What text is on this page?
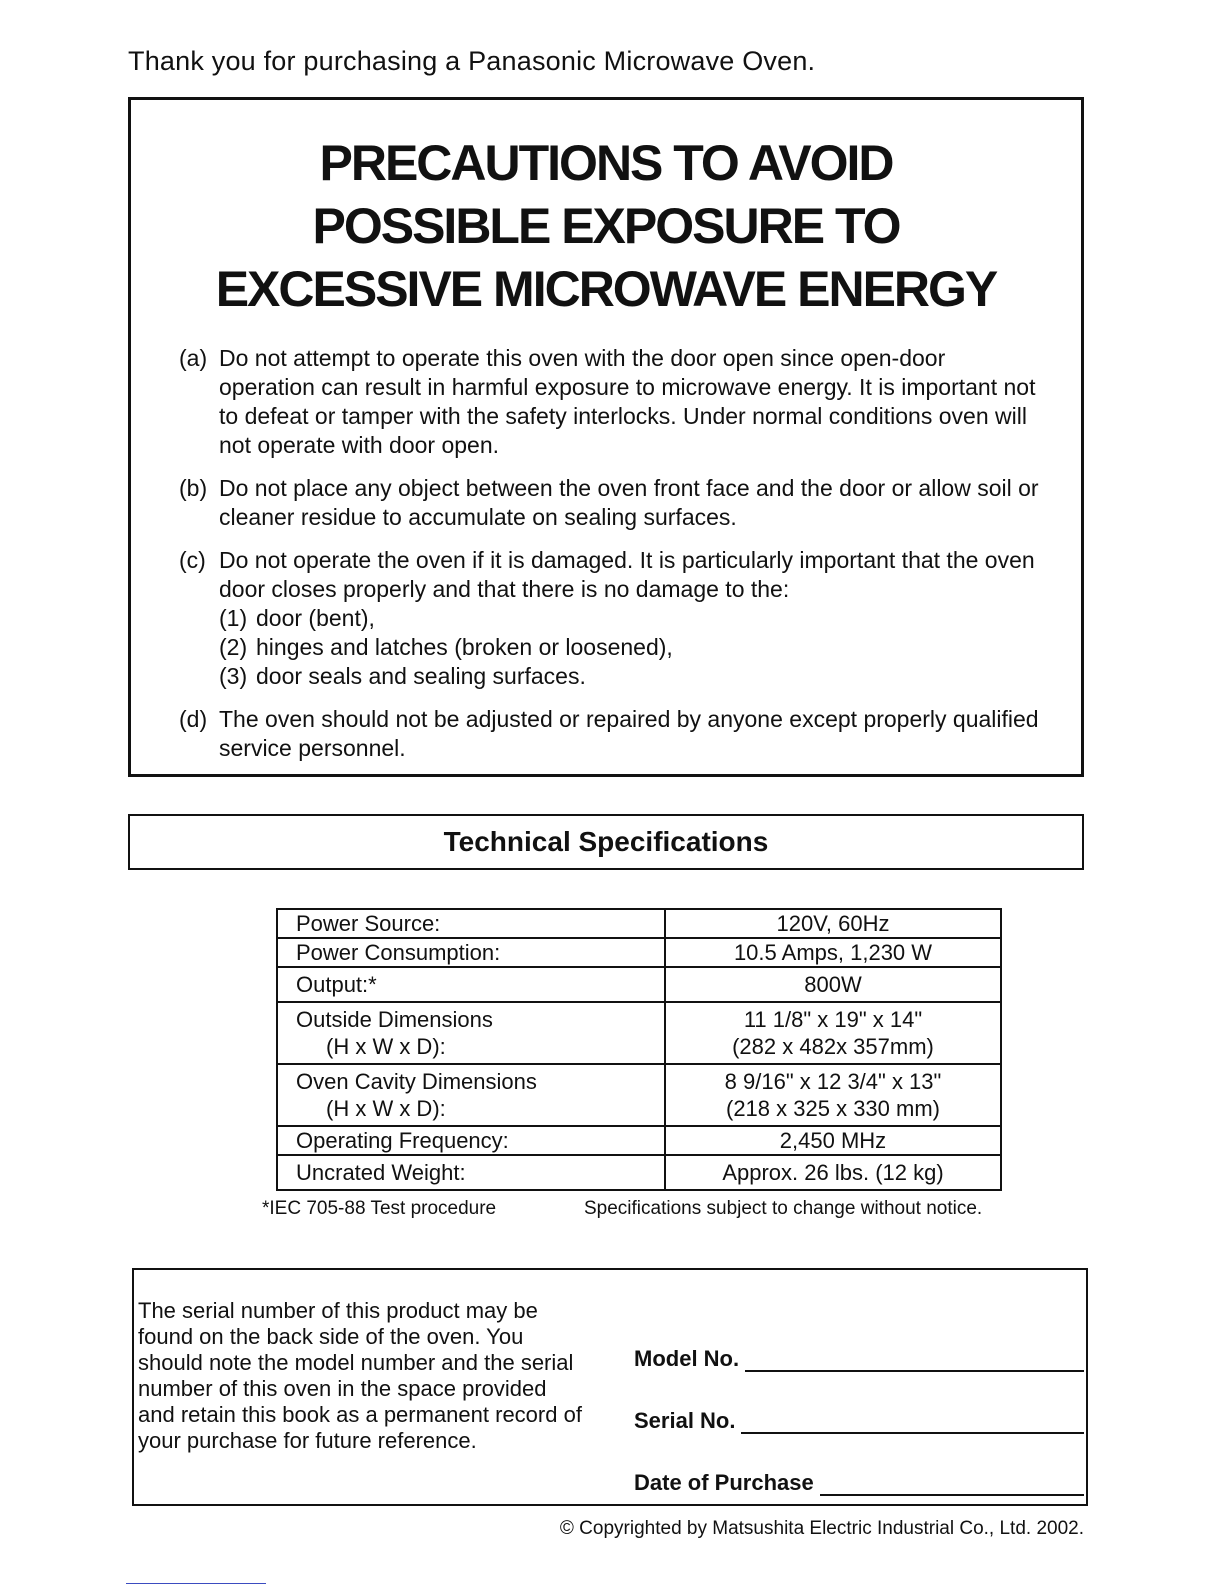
Thank you for purchasing a Panasonic Microwave Oven.
PRECAUTIONS TO AVOID
POSSIBLE EXPOSURE TO
EXCESSIVE MICROWAVE ENERGY
(a) Do not attempt to operate this oven with the door open since open-door operation can result in harmful exposure to microwave energy. It is important not to defeat or tamper with the safety interlocks. Under normal conditions oven will not operate with door open.
(b) Do not place any object between the oven front face and the door or allow soil or cleaner residue to accumulate on sealing surfaces.
(c) Do not operate the oven if it is damaged. It is particularly important that the oven door closes properly and that there is no damage to the:
(1) door (bent),
(2) hinges and latches (broken or loosened),
(3) door seals and sealing surfaces.
(d) The oven should not be adjusted or repaired by anyone except properly qualified service personnel.
Technical Specifications
Power Source:	120V, 60Hz
Power Consumption:	10.5 Amps, 1,230 W
Output:*	800W
Outside Dimensions
(H x W x D):	11 1/8" x 19" x 14"
(282 x 482x 357mm)

Oven Cavity Dimensions
(H x W x D):	8 9/16" x 12 3/4" x 13"
(218 x 325 x 330 mm)

Operating Frequency:	2,450 MHz
Uncrated Weight:	Approx. 26 lbs. (12 kg)
*IEC 705-88 Test procedure	Specifications subject to change without notice.
The serial number of this product may be found on the back side of the oven. You should note the model number and the serial number of this oven in the space provided and retain this book as a permanent record of your purchase for future reference.
Model No.
Serial No.
Date of Purchase
© Copyrighted by Matsushita Electric Industrial Co., Ltd. 2002.
